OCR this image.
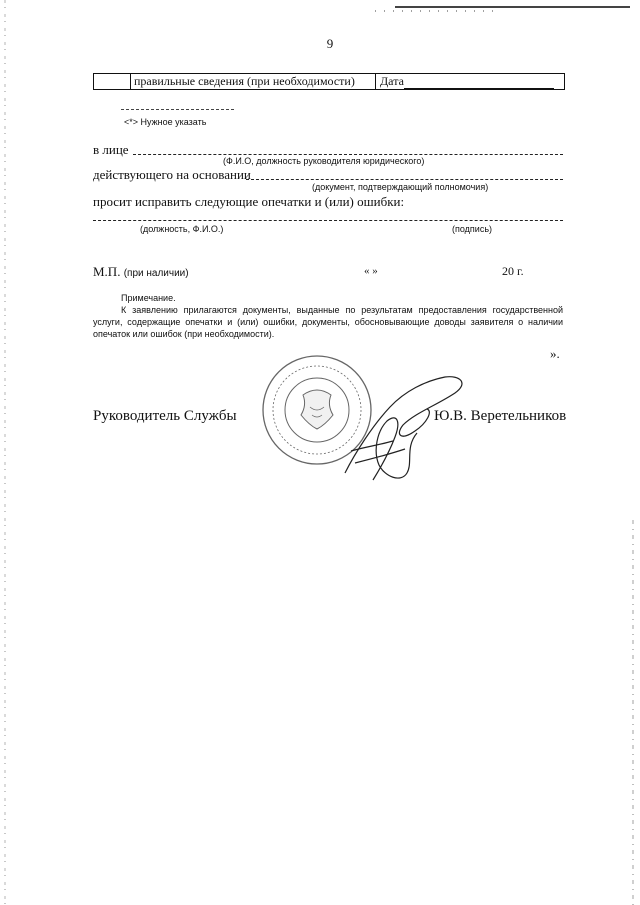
9
правильные сведения (при необходимости)	Дата
<*> Нужное указать
в лице
(Ф.И.О, должность руководителя юридического)
действующего на основании
(документ, подтверждающий полномочия)
просит исправить следующие опечатки и (или) ошибки:
(должность, Ф.И.О.)	(подпись)
М.П. (при наличии)	« »	20 г.
Примечание.

К заявлению прилагаются документы, выданные по результатам предоставления государственной услуги, содержащие опечатки и (или) ошибки, документы, обосновывающие доводы заявителя о наличии опечаток или ошибок (при необходимости).

».
Руководитель Службы	Ю.В. Веретельников
